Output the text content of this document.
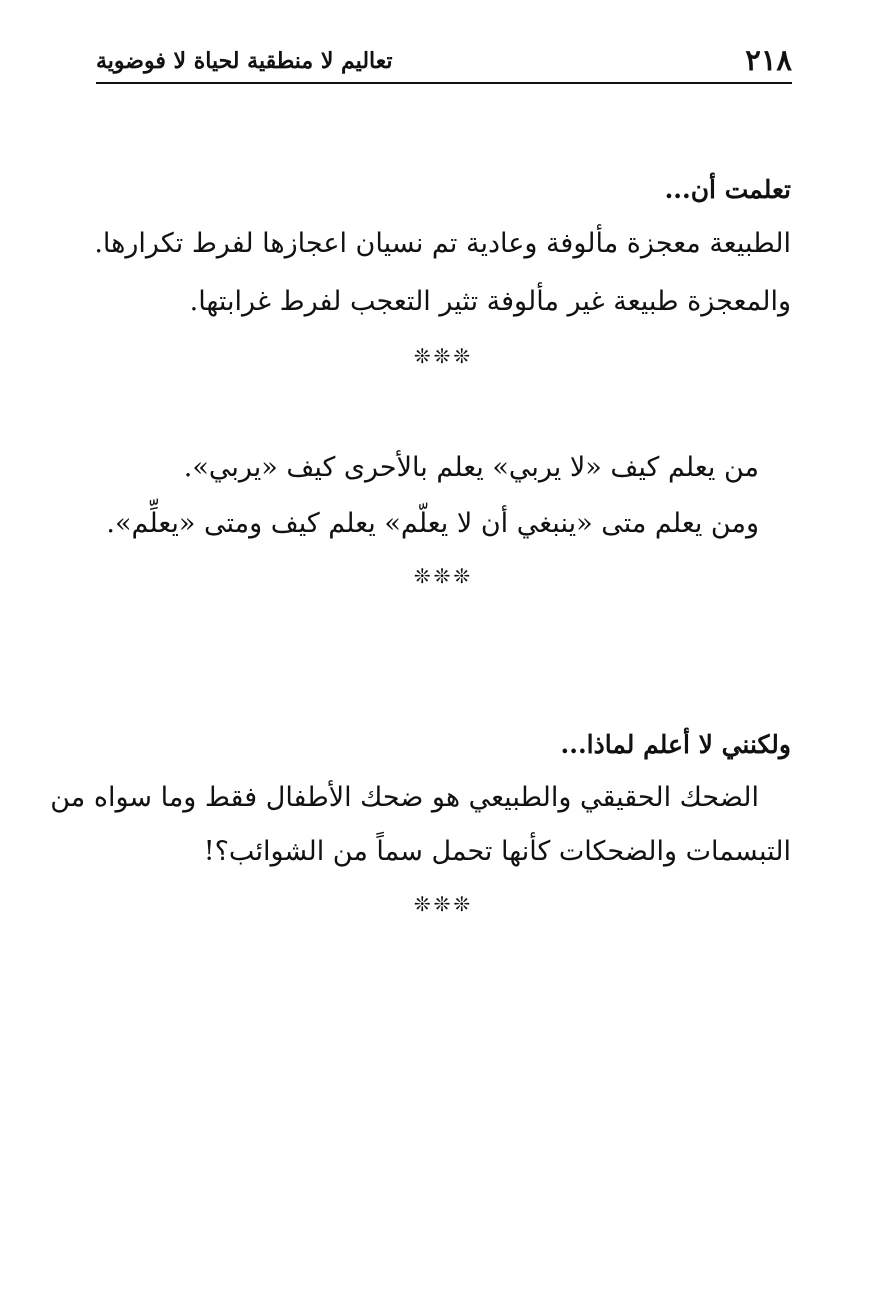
٢١٨
تعاليم لا منطقية لحياة لا فوضوية
تعلمت أن...
الطبيعة معجزة مألوفة وعادية تم نسيان اعجازها لفرط تكرارها.
والمعجزة طبيعة غير مألوفة تثير التعجب لفرط غرابتها.
❊❊❊
من يعلم كيف «لا يربي» يعلم بالأحرى كيف «يربي».
ومن يعلم متى «ينبغي أن لا يعلّم» يعلم كيف ومتى «يعلِّم».
❊❊❊
ولكنني لا أعلم لماذا...
الضحك الحقيقي والطبيعي هو ضحك الأطفال فقط وما سواه من
التبسمات والضحكات كأنها تحمل سماً من الشوائب؟!
❊❊❊
